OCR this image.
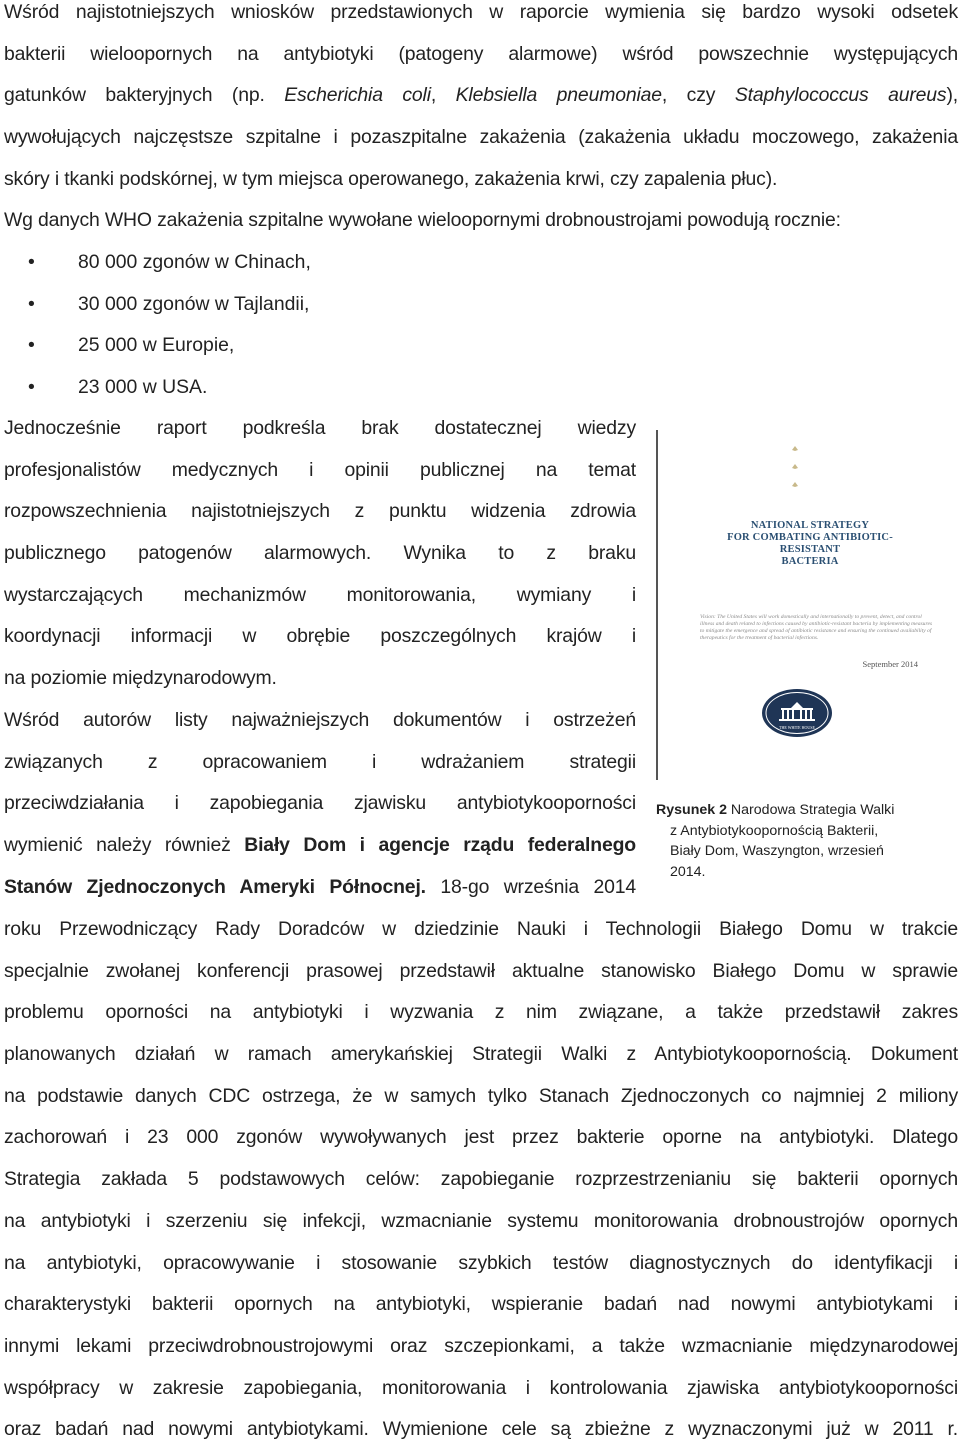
Wśród najistotniejszych wniosków przedstawionych w raporcie wymienia się bardzo wysoki odsetek
bakterii wieloopornych na antybiotyki (patogeny alarmowe) wśród powszechnie występujących
gatunków bakteryjnych (np. Escherichia coli, Klebsiella pneumoniae, czy Staphylococcus aureus),
wywołujących najczęstsze szpitalne i pozaszpitalne zakażenia (zakażenia układu moczowego, zakażenia
skóry i tkanki podskórnej, w tym miejsca operowanego, zakażenia krwi, czy zapalenia płuc).
Wg danych WHO zakażenia szpitalne wywołane wieloopornymi drobnoustrojami powodują rocznie:
• 80 000 zgonów w Chinach,
• 30 000 zgonów w Tajlandii,
• 25 000 w Europie,
• 23 000 w USA.
Jednocześnie raport podkreśla brak dostatecznej wiedzy
profesjonalistów medycznych i opinii publicznej na temat
rozpowszechnienia najistotniejszych z punktu widzenia zdrowia
publicznego patogenów alarmowych. Wynika to z braku
wystarczających mechanizmów monitorowania, wymiany i
koordynacji informacji w obrębie poszczególnych krajów i
na poziomie międzynarodowym.
Wśród autorów listy najważniejszych dokumentów i ostrzeżeń
związanych z opracowaniem i wdrażaniem strategii
przeciwdziałania i zapobiegania zjawisku antybiotykooporności
wymienić należy również Biały Dom i agencje rządu federalnego
Stanów Zjednoczonych Ameryki Północnej. 18-go września 2014
NATIONAL STRATEGY
FOR COMBATING ANTIBIOTIC-
RESISTANT
BACTERIA
Vision: The United States will work domestically and internationally to prevent, detect, and control illness and death related to infections caused by antibiotic-resistant bacteria by implementing measures to mitigate the emergence and spread of antibiotic resistance and ensuring the continued availability of therapeutics for the treatment of bacterial infections.
September 2014
THE WHITE HOUSE
Rysunek 2 Narodowa Strategia Walki
z Antybiotykoopornością Bakterii,
Biały Dom, Waszyngton, wrzesień
2014.
roku Przewodniczący Rady Doradców w dziedzinie Nauki i Technologii Białego Domu w trakcie
specjalnie zwołanej konferencji prasowej przedstawił aktualne stanowisko Białego Domu w sprawie
problemu oporności na antybiotyki i wyzwania z nim związane, a także przedstawił zakres
planowanych działań w ramach amerykańskiej Strategii Walki z Antybiotykoopornością. Dokument
na podstawie danych CDC ostrzega, że w samych tylko Stanach Zjednoczonych co najmniej 2 miliony
zachorowań i 23 000 zgonów wywoływanych jest przez bakterie oporne na antybiotyki. Dlatego
Strategia zakłada 5 podstawowych celów: zapobieganie rozprzestrzenianiu się bakterii opornych
na antybiotyki i szerzeniu się infekcji, wzmacnianie systemu monitorowania drobnoustrojów opornych
na antybiotyki, opracowywanie i stosowanie szybkich testów diagnostycznych do identyfikacji i
charakterystyki bakterii opornych na antybiotyki, wspieranie badań nad nowymi antybiotykami i
innymi lekami przeciwdrobnoustrojowymi oraz szczepionkami, a także wzmacnianie międzynarodowej
współpracy w zakresie zapobiegania, monitorowania i kontrolowania zjawiska antybiotykooporności
oraz badań nad nowymi antybiotykami. Wymienione cele są zbieżne z wyznaczonymi już w 2011 r.
